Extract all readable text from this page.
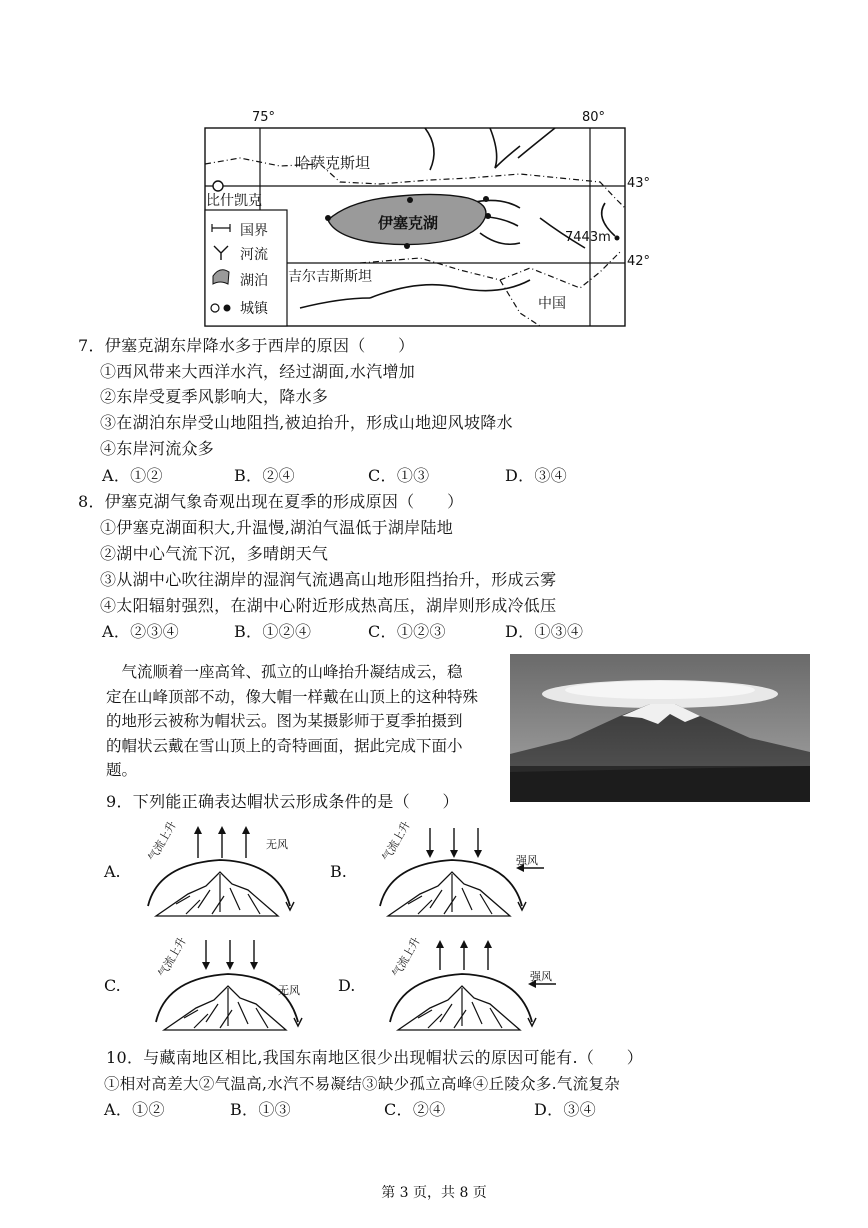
75°	80°
43°
42°
哈萨克斯坦
比什凯克
伊塞克湖
7443m
吉尔吉斯斯坦
中国
国界
河流
湖泊
城镇
7．伊塞克湖东岸降水多于西岸的原因（　　）
①西风带来大西洋水汽，经过湖面,水汽增加
②东岸受夏季风影响大，降水多
③在湖泊东岸受山地阻挡,被迫抬升，形成山地迎风坡降水
④东岸河流众多
A．①②	B．②④	C．①③	D．③④
8．伊塞克湖气象奇观出现在夏季的形成原因（　　）
①伊塞克湖面积大,升温慢,湖泊气温低于湖岸陆地
②湖中心气流下沉，多晴朗天气
③从湖中心吹往湖岸的湿润气流遇高山地形阻挡抬升，形成云雾
④太阳辐射强烈，在湖中心附近形成热高压，湖岸则形成冷低压
A．②③④	B．①②④	C．①②③	D．①③④
　气流顺着一座高耸、孤立的山峰抬升凝结成云，稳
定在山峰顶部不动，像大帽一样戴在山顶上的这种特殊
的地形云被称为帽状云。图为某摄影师于夏季拍摄到
的帽状云戴在雪山顶上的奇特画面，据此完成下面小
题。
9．下列能正确表达帽状云形成条件的是（　　）
A.
气流上升	无风
B.
气流上升	强风
C.
气流上升
无风 D.
气流上升	强风
10．与藏南地区相比,我国东南地区很少出现帽状云的原因可能有.（　　）
①相对高差大②气温高,水汽不易凝结③缺少孤立高峰④丘陵众多.气流复杂
A．①②	B．①③	C．②④	D．③④
第 3 页，共 8 页
